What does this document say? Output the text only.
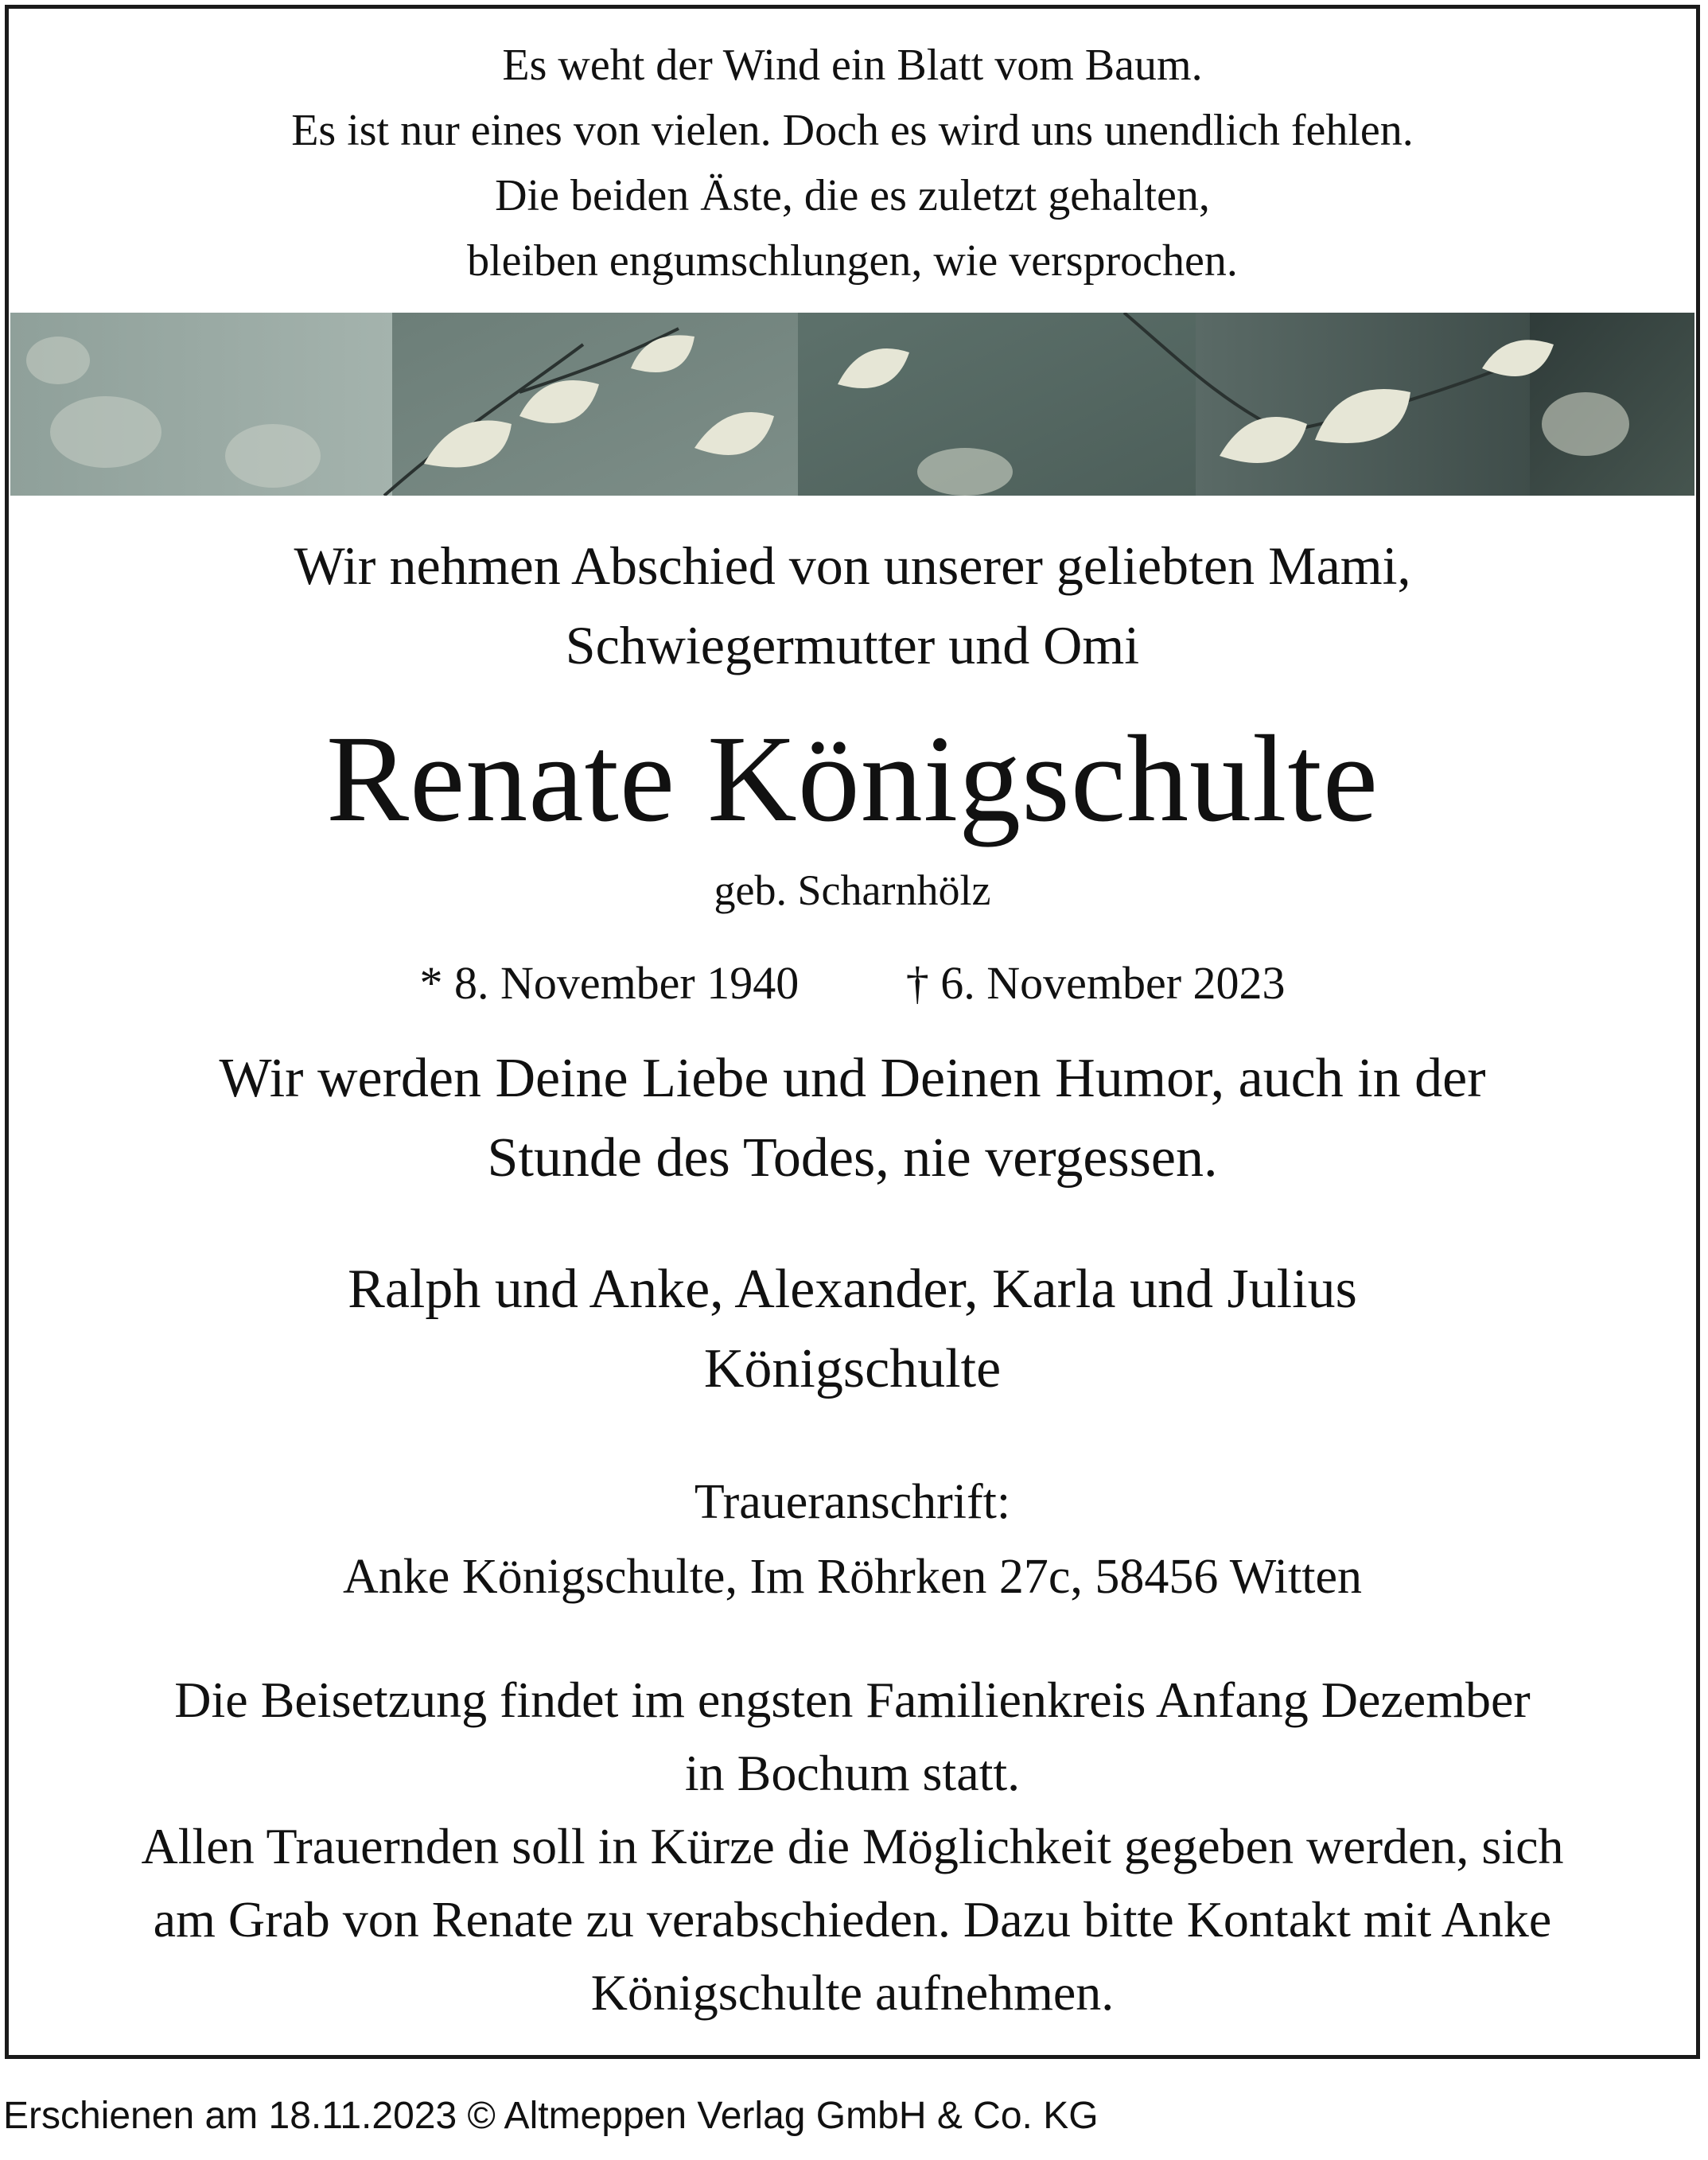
Es weht der Wind ein Blatt vom Baum.
Es ist nur eines von vielen. Doch es wird uns unendlich fehlen.
Die beiden Äste, die es zuletzt gehalten,
bleiben engumschlungen, wie versprochen.
Wir nehmen Abschied von unserer geliebten Mami,
Schwiegermutter und Omi
Renate Königschulte
geb. Scharnhölz
* 8. November 1940 † 6. November 2023
Wir werden Deine Liebe und Deinen Humor, auch in der
Stunde des Todes, nie vergessen.
Ralph und Anke, Alexander, Karla und Julius
Königschulte
Traueranschrift:
Anke Königschulte, Im Röhrken 27c, 58456 Witten
Die Beisetzung findet im engsten Familienkreis Anfang Dezember
in Bochum statt.
Allen Trauernden soll in Kürze die Möglichkeit gegeben werden, sich
am Grab von Renate zu verabschieden. Dazu bitte Kontakt mit Anke
Königschulte aufnehmen.
Erschienen am 18.11.2023 © Altmeppen Verlag GmbH & Co. KG
